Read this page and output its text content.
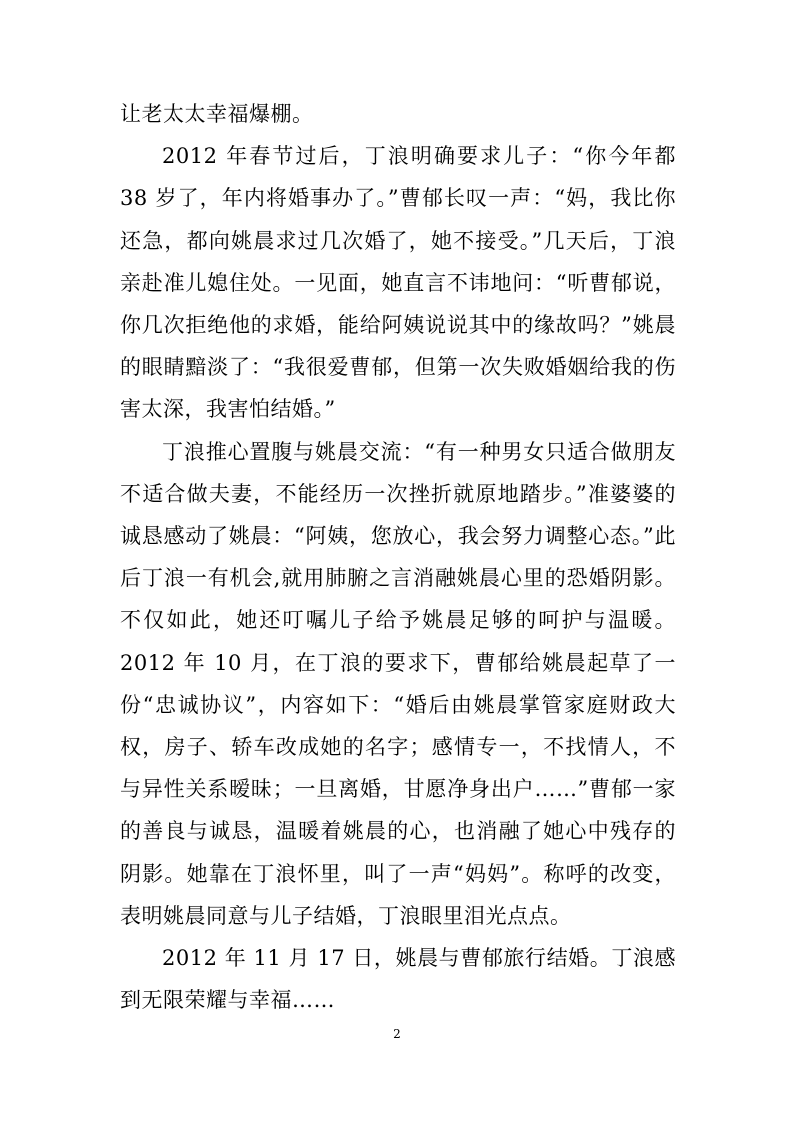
让老太太幸福爆棚。

2012 年春节过后，丁浪明确要求儿子：“你今年都 38 岁了，年内将婚事办了。”曹郁长叹一声：“妈，我比你还急，都向姚晨求过几次婚了，她不接受。”几天后，丁浪亲赴准儿媳住处。一见面，她直言不讳地问：“听曹郁说，你几次拒绝他的求婚，能给阿姨说说其中的缘故吗？”姚晨的眼睛黯淡了：“我很爱曹郁，但第一次失败婚姻给我的伤害太深，我害怕结婚。”

丁浪推心置腹与姚晨交流：“有一种男女只适合做朋友不适合做夫妻，不能经历一次挫折就原地踏步。”准婆婆的诚恳感动了姚晨：“阿姨，您放心，我会努力调整心态。”此后丁浪一有机会,就用肺腑之言消融姚晨心里的恐婚阴影。不仅如此，她还叮嘱儿子给予姚晨足够的呵护与温暖。2012 年 10 月，在丁浪的要求下，曹郁给姚晨起草了一份“忠诚协议”，内容如下：“婚后由姚晨掌管家庭财政大权，房子、轿车改成她的名字；感情专一，不找情人，不与异性关系暧昧；一旦离婚，甘愿净身出户……”曹郁一家的善良与诚恳，温暖着姚晨的心，也消融了她心中残存的阴影。她靠在丁浪怀里，叫了一声“妈妈”。称呼的改变，表明姚晨同意与儿子结婚，丁浪眼里泪光点点。

2012 年 11 月 17 日，姚晨与曹郁旅行结婚。丁浪感到无限荣耀与幸福……

2
